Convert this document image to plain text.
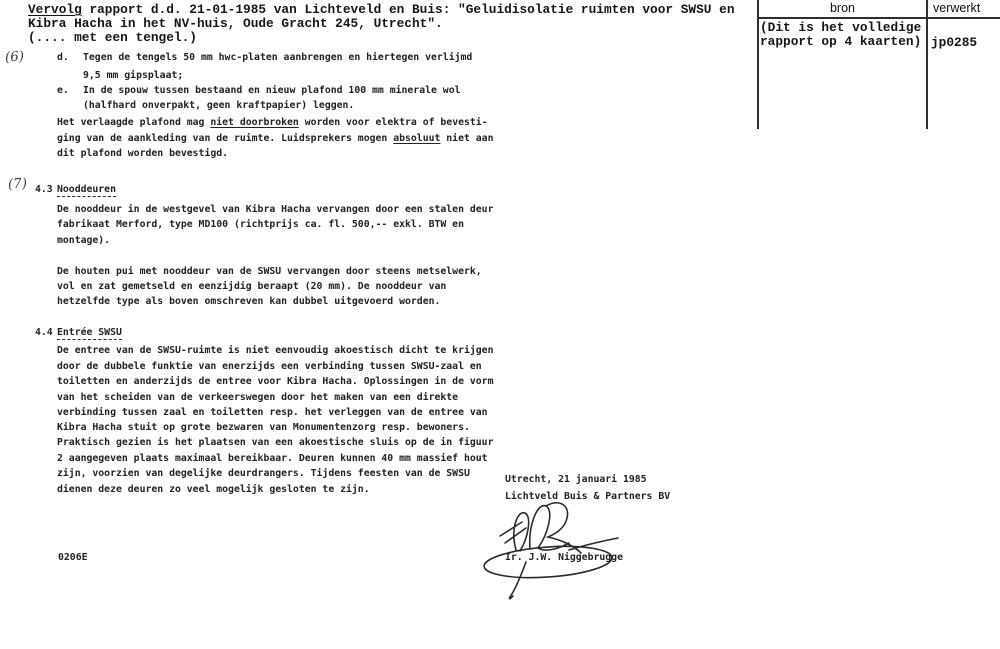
Vervolg rapport d.d. 21-01-1985 van Lichteveld en Buis: "Geluidisolatie ruimten voor SWSU en
Kibra Hacha in het NV-huis, Oude Gracht 245, Utrecht".
(.... met een tengel.)
bron	verwerkt
(Dit is het volledige
rapport op 4 kaarten) jp0285
(6)
(7)
d. Tegen de tengels 50 mm hwc-platen aanbrengen en hiertegen verlijmd
9,5 mm gipsplaat;
e. In de spouw tussen bestaand en nieuw plafond 100 mm minerale wol
(halfhard onverpakt, geen kraftpapier) leggen.
Het verlaagde plafond mag niet doorbroken worden voor elektra of bevesti-
ging van de aankleding van de ruimte. Luidsprekers mogen absoluut niet aan
dit plafond worden bevestigd.
4.3 Nooddeuren
De nooddeur in de westgevel van Kibra Hacha vervangen door een stalen deur
fabrikaat Merford, type MD100 (richtprijs ca. fl. 500,-- exkl. BTW en
montage).
De houten pui met nooddeur van de SWSU vervangen door steens metselwerk,
vol en zat gemetseld en eenzijdig beraapt (20 mm). De nooddeur van
hetzelfde type als boven omschreven kan dubbel uitgevoerd worden.
4.4 Entrée SWSU
De entree van de SWSU-ruimte is niet eenvoudig akoestisch dicht te krijgen
door de dubbele funktie van enerzijds een verbinding tussen SWSU-zaal en
toiletten en anderzijds de entree voor Kibra Hacha. Oplossingen in de vorm
van het scheiden van de verkeerswegen door het maken van een direkte
verbinding tussen zaal en toiletten resp. het verleggen van de entree van
Kibra Hacha stuit op grote bezwaren van Monumentenzorg resp. bewoners.
Praktisch gezien is het plaatsen van een akoestische sluis op de in figuur
2 aangegeven plaats maximaal bereikbaar. Deuren kunnen 40 mm massief hout
zijn, voorzien van degelijke deurdrangers. Tijdens feesten van de SWSU
dienen deze deuren zo veel mogelijk gesloten te zijn.
Utrecht, 21 januari 1985
Lichtveld Buis & Partners BV
Ir. J.W. Niggebrugge
0206E
